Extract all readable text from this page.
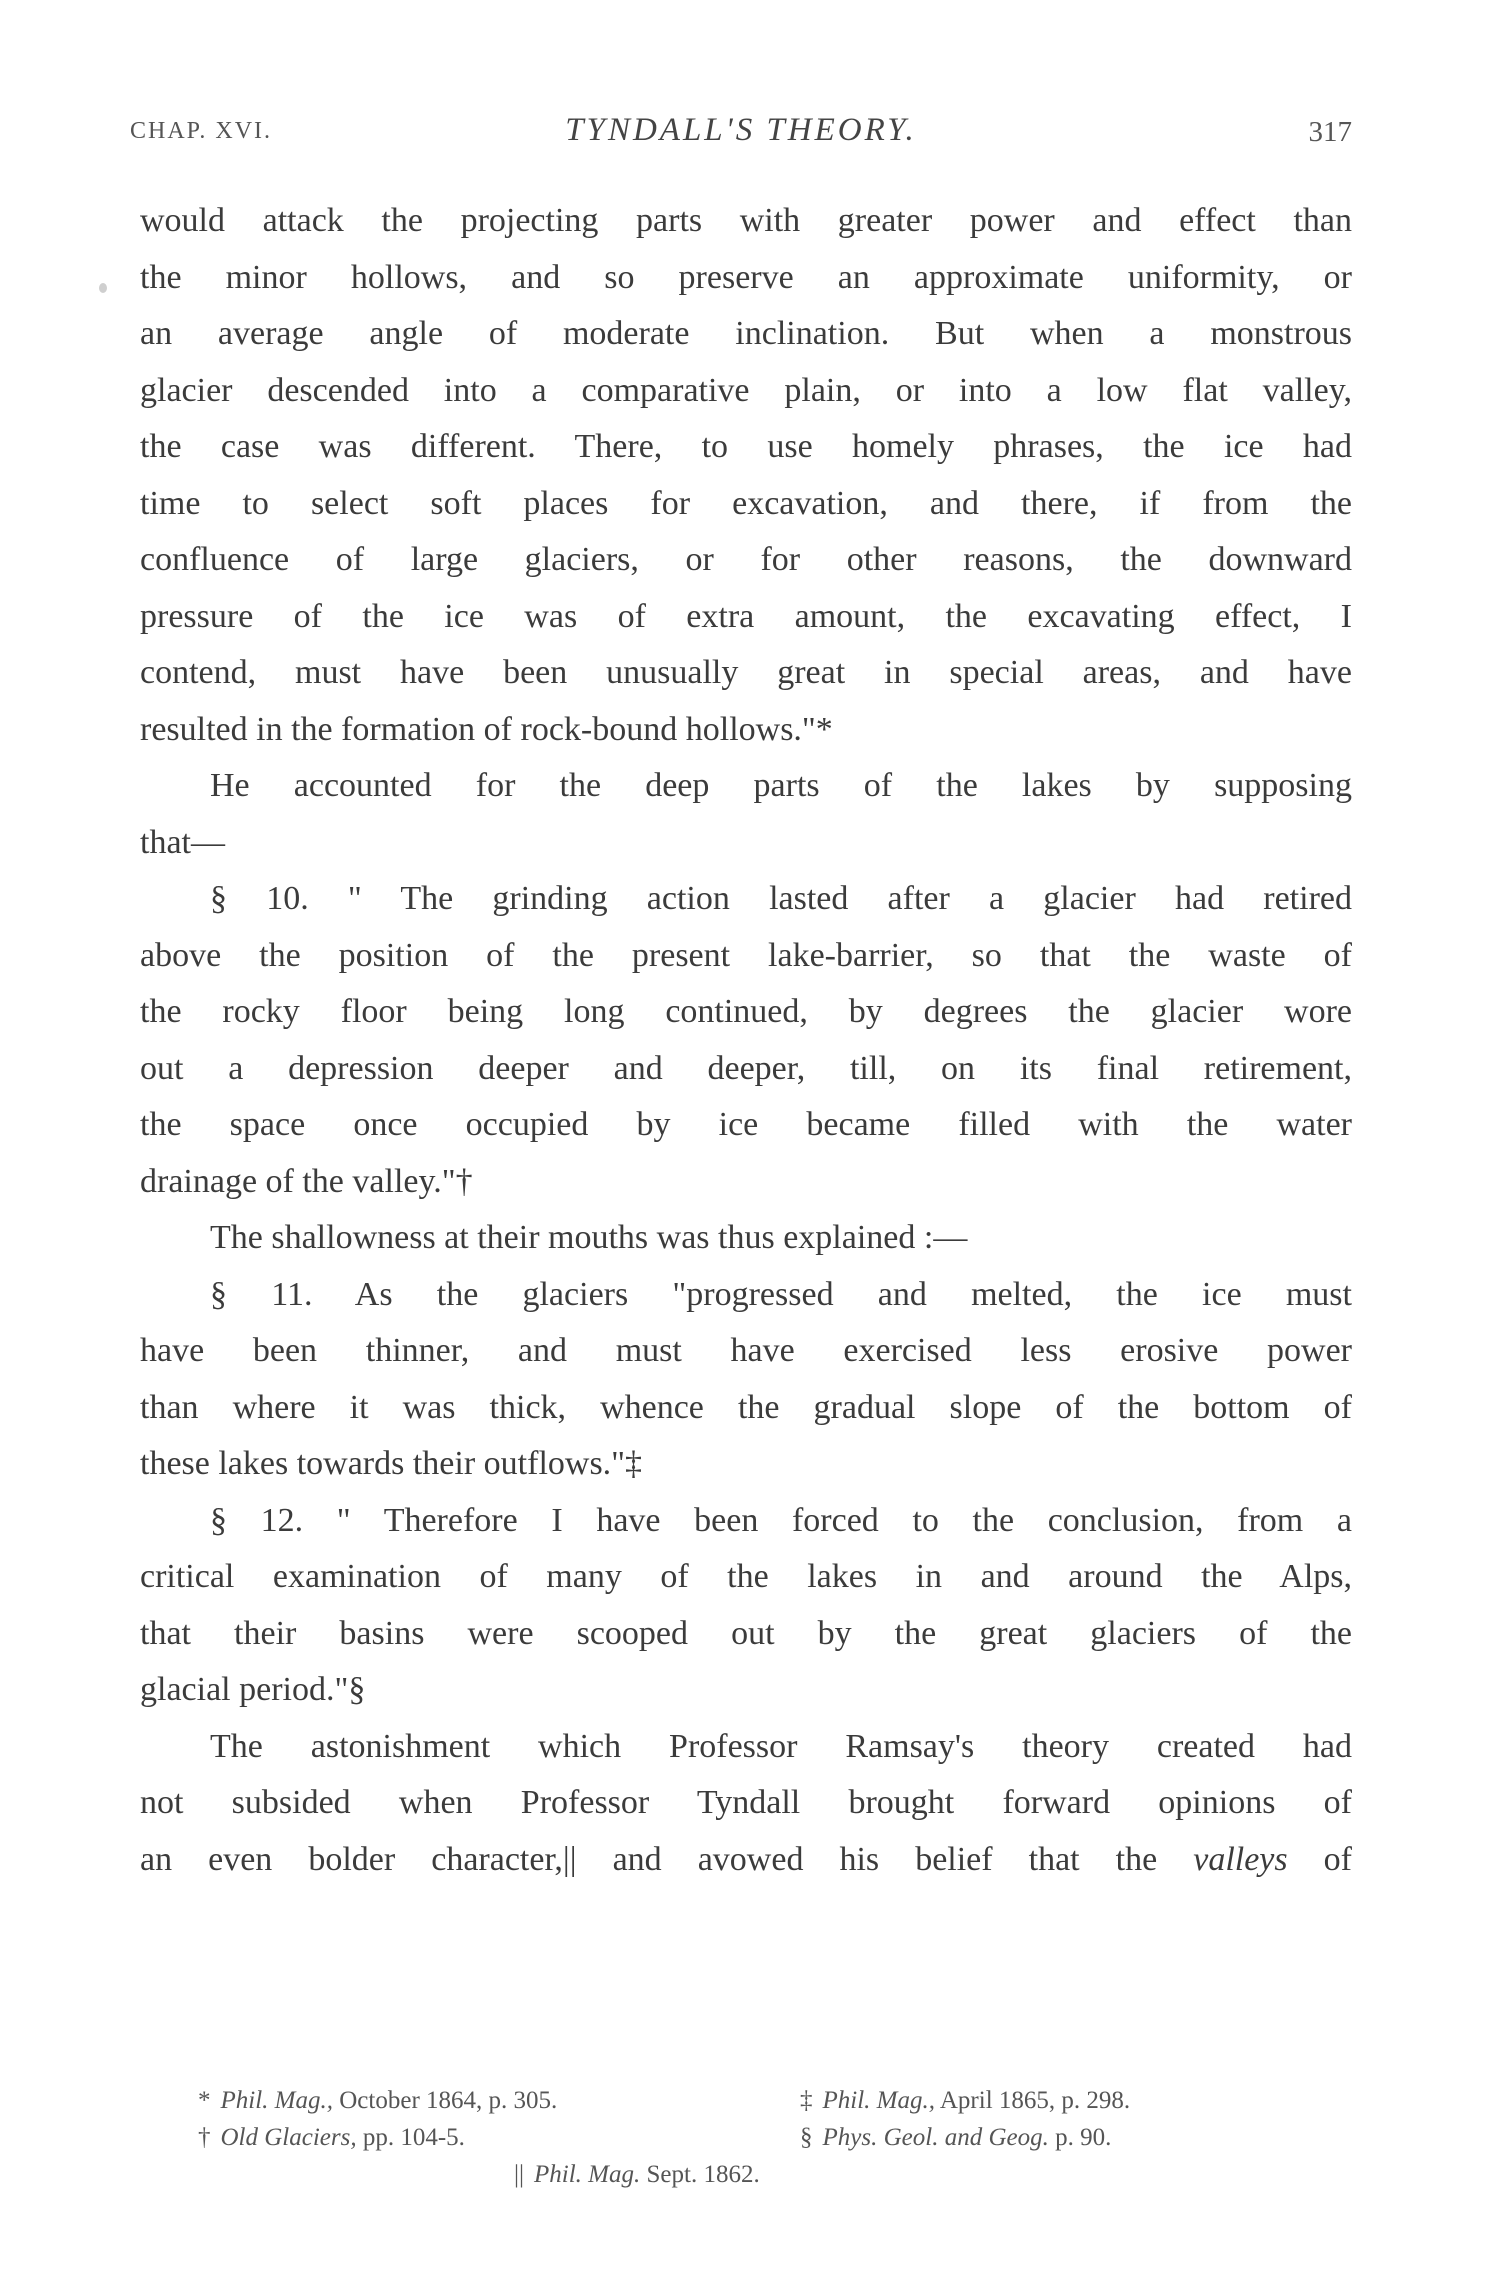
CHAP. XVI.	TYNDALL'S THEORY.	317
would attack the projecting parts with greater power and effect than
the minor hollows, and so preserve an approximate uniformity, or
an average angle of moderate inclination. But when a monstrous
glacier descended into a comparative plain, or into a low flat valley,
the case was different. There, to use homely phrases, the ice had
time to select soft places for excavation, and there, if from the
confluence of large glaciers, or for other reasons, the downward
pressure of the ice was of extra amount, the excavating effect, I
contend, must have been unusually great in special areas, and have
resulted in the formation of rock-bound hollows."*
He accounted for the deep parts of the lakes by supposing
that—
§ 10. " The grinding action lasted after a glacier had retired
above the position of the present lake-barrier, so that the waste of
the rocky floor being long continued, by degrees the glacier wore
out a depression deeper and deeper, till, on its final retirement,
the space once occupied by ice became filled with the water
drainage of the valley."†
The shallowness at their mouths was thus explained :—
§ 11. As the glaciers "progressed and melted, the ice must
have been thinner, and must have exercised less erosive power
than where it was thick, whence the gradual slope of the bottom of
these lakes towards their outflows."‡
§ 12. " Therefore I have been forced to the conclusion, from a
critical examination of many of the lakes in and around the Alps,
that their basins were scooped out by the great glaciers of the
glacial period."§
The astonishment which Professor Ramsay's theory created had
not subsided when Professor Tyndall brought forward opinions of
an even bolder character,|| and avowed his belief that the valleys of
* Phil. Mag., October 1864, p. 305.	‡ Phil. Mag., April 1865, p. 298.
† Old Glaciers, pp. 104-5.	§ Phys. Geol. and Geog. p. 90.
|| Phil. Mag. Sept. 1862.
